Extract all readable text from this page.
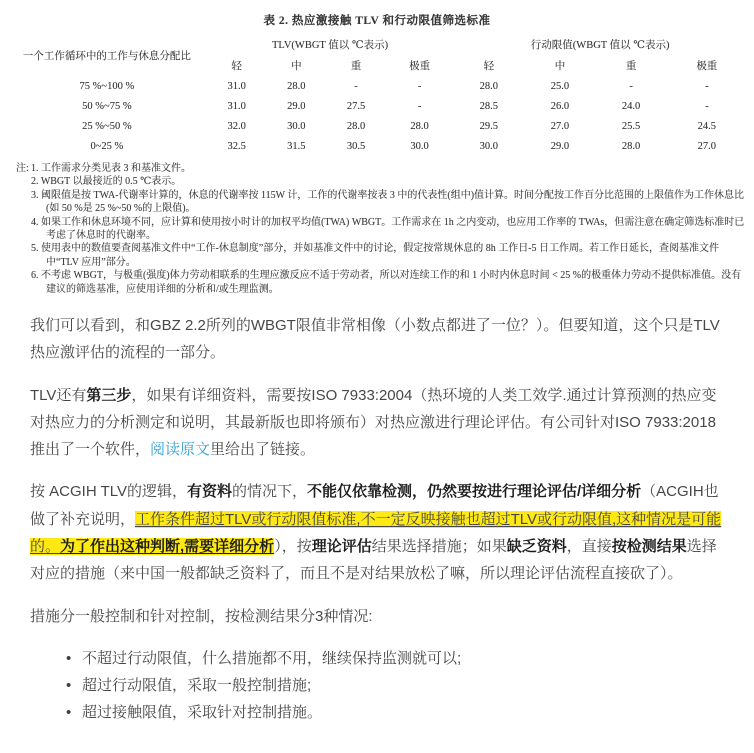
表 2. 热应激接触 TLV 和行动限值筛选标准
一个工作循环中的工作与休息分配比	TLV(WBGT 值以 ℃表示)				行动限值(WBGT 值以 ℃表示)			
	轻	中	重	极重	轻	中	重	极重
75 %~100 %	31.0	28.0	-	-	28.0	25.0	-	-
50 %~75 %	31.0	29.0	27.5	-	28.5	26.0	24.0	-
25 %~50 %	32.0	30.0	28.0	28.0	29.5	27.0	25.5	24.5
0~25 %	32.5	31.5	30.5	30.0	30.0	29.0	28.0	27.0
注: 1. 工作需求分类见表 3 和基准文件。
2. WBGT 以最接近的 0.5 ℃表示。
3. 阈限值是按 TWA-代谢率计算的，休息的代谢率按 115W 计，工作的代谢率按表 3 中的代表性(组中)值计算。时间分配按工作百分比范围的上限值作为工作休息比(如 50 %是 25 %~50 %的上限值)。
4. 如果工作和休息环境不同，应计算和使用按小时计的加权平均值(TWA) WBGT。工作需求在 1h 之内变动，也应用工作率的 TWAs，但需注意在确定筛选标准时已考虑了休息时的代谢率。
5. 使用表中的数值要查阅基准文件中“工作-休息制度”部分，并如基准文件中的讨论，假定按常规休息的 8h 工作日-5 日工作周。若工作日延长，查阅基准文件中“TLV 应用”部分。
6. 不考虑 WBGT，与极重(强度)体力劳动相联系的生理应激反应不适于劳动者，所以对连续工作的和 1 小时内休息时间 < 25 %的极重体力劳动不提供标准值。没有建议的筛选基准，应使用详细的分析和/或生理监测。

我们可以看到，和GBZ 2.2所列的WBGT限值非常相像（小数点都进了一位？）。但要知道，这个只是TLV热应激评估的流程的一部分。

TLV还有第三步，如果有详细资料，需要按ISO 7933:2004（热环境的人类工效学.通过计算预测的热应变对热应力的分析测定和说明，其最新版也即将颁布）对热应激进行理论评估。有公司针对ISO 7933:2018推出了一个软件，阅读原文里给出了链接。

按 ACGIH TLV的逻辑，有资料的情况下，不能仅依靠检测，仍然要按进行理论评估/详细分析（ACGIH也做了补充说明，工作条件超过TLV或行动限值标准,不一定反映接触也超过TLV或行动限值,这种情况是可能的。为了作出这种判断,需要详细分析），按理论评估结果选择措施；如果缺乏资料，直接按检测结果选择对应的措施（来中国一般都缺乏资料了，而且不是对结果放松了嘛，所以理论评估流程直接砍了）。

措施分一般控制和针对控制，按检测结果分3种情况:

• 不超过行动限值，什么措施都不用，继续保持监测就可以;
• 超过行动限值，采取一般控制措施;
• 超过接触限值，采取针对控制措施。
